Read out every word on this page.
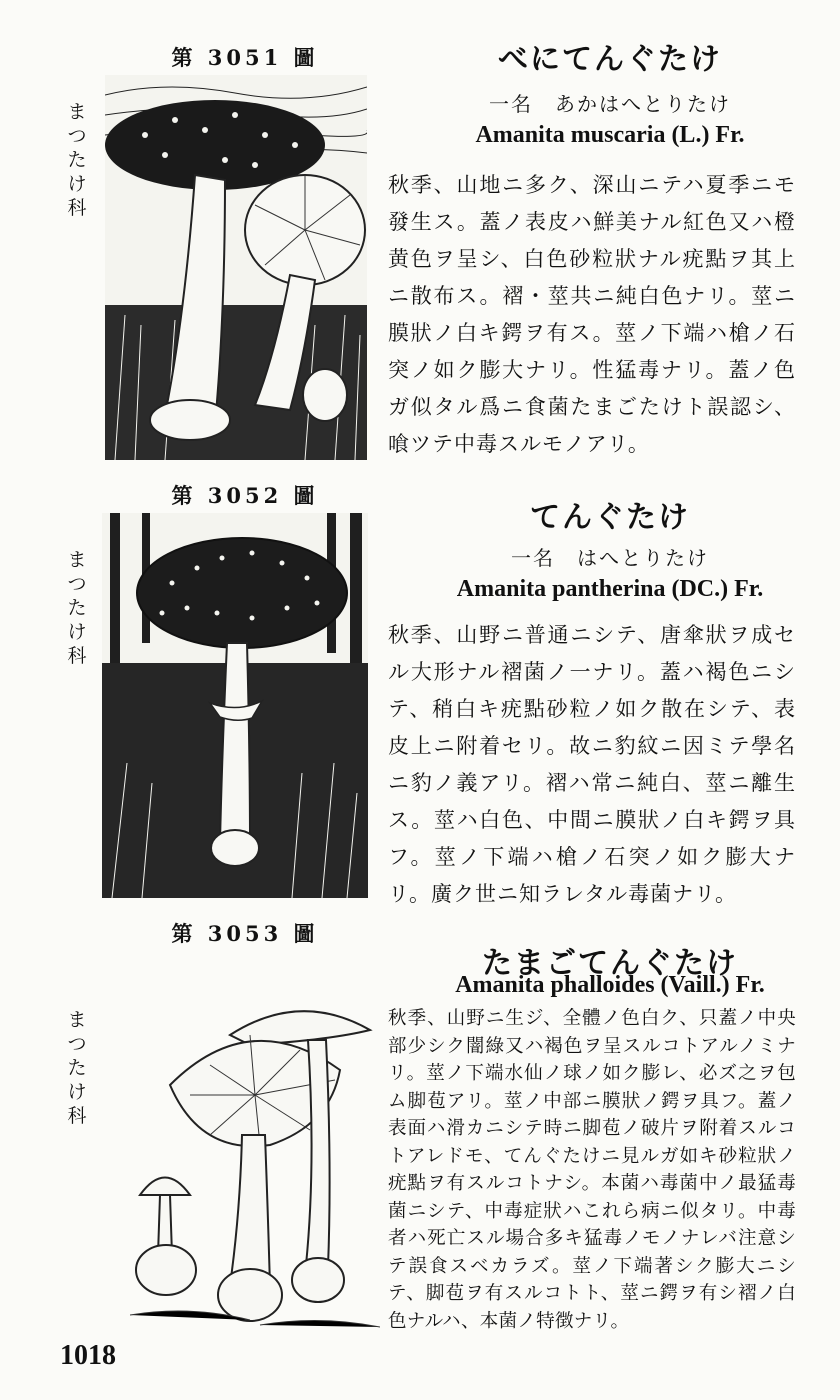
第 3051 圖
まつたけ科
べにてんぐたけ
一名　あかはへとりたけ
Amanita muscaria (L.) Fr.
秋季、山地ニ多ク、深山ニテハ夏季ニモ發生ス。蓋ノ表皮ハ鮮美ナル紅色又ハ橙黄色ヲ呈シ、白色砂粒狀ナル疣點ヲ其上ニ散布ス。褶・莖共ニ純白色ナリ。莖ニ膜狀ノ白キ鍔ヲ有ス。莖ノ下端ハ槍ノ石突ノ如ク膨大ナリ。性猛毒ナリ。蓋ノ色ガ似タル爲ニ食菌たまごたけト誤認シ、喰ツテ中毒スルモノアリ。
第 3052 圖
まつたけ科
てんぐたけ
一名　はへとりたけ
Amanita pantherina (DC.) Fr.
秋季、山野ニ普通ニシテ、唐傘狀ヲ成セル大形ナル褶菌ノ一ナリ。蓋ハ褐色ニシテ、稍白キ疣點砂粒ノ如ク散在シテ、表皮上ニ附着セリ。故ニ豹紋ニ因ミテ學名ニ豹ノ義アリ。褶ハ常ニ純白、莖ニ離生ス。莖ハ白色、中間ニ膜狀ノ白キ鍔ヲ具フ。莖ノ下端ハ槍ノ石突ノ如ク膨大ナリ。廣ク世ニ知ラレタル毒菌ナリ。
第 3053 圖
まつたけ科
たまごてんぐたけ
Amanita phalloides (Vaill.) Fr.
秋季、山野ニ生ジ、全體ノ色白ク、只蓋ノ中央部少シク闇綠又ハ褐色ヲ呈スルコトアルノミナリ。莖ノ下端水仙ノ球ノ如ク膨レ、必ズ之ヲ包ム脚苞アリ。莖ノ中部ニ膜狀ノ鍔ヲ具フ。蓋ノ表面ハ滑カニシテ時ニ脚苞ノ破片ヲ附着スルコトアレドモ、てんぐたけニ見ルガ如キ砂粒狀ノ疣點ヲ有スルコトナシ。本菌ハ毒菌中ノ最猛毒菌ニシテ、中毒症狀ハこれら病ニ似タリ。中毒者ハ死亡スル場合多キ猛毒ノモノナレバ注意シテ誤食スベカラズ。莖ノ下端著シク膨大ニシテ、脚苞ヲ有スルコトト、莖ニ鍔ヲ有シ褶ノ白色ナルハ、本菌ノ特徴ナリ。
1018
